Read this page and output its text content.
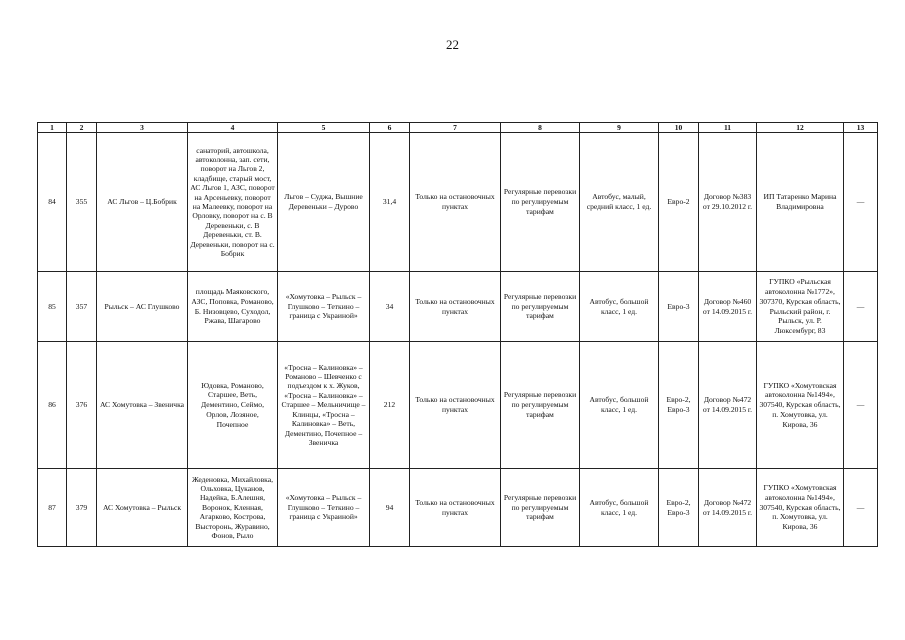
22
1	2	3	4	5	6	7	8	9	10	11	12	13
84	355	АС Льгов – Ц.Бобрик	санаторий, автошкола, автоколонна, зап. сети, поворот на Льгов 2, кладбище, старый мост, АС Льгов 1, АЗС, поворот на Арсеньевку, поворот на Малеевку, поворот на Орловку, поворот на с. В Деревеньки, с. В Деревеньки, ст. В. Деревеньки, поворот на с. Бобрик	Льгов – Суджа, Вышние Деревеньки – Дурово	31,4	Только на остановочных пунктах	Регулярные перевозки по регулируемым тарифам	Автобус, малый, средний класс, 1 ед.	Евро-2	Договор №383 от 29.10.2012 г.	ИП Татаренко Марина Владимировна	—
85	357	Рыльск – АС Глушково	площадь Маяковского, АЗС, Поповка, Романово, Б. Низовцево, Суходол, Ржава, Шагарово	«Хомутовка – Рыльск – Глушково – Теткино – граница с Украиной»	34	Только на остановочных пунктах	Регулярные перевозки по регулируемым тарифам	Автобус, большой класс, 1 ед.	Евро-3	Договор №460 от 14.09.2015 г.	ГУПКО «Рыльская автоколонна №1772», 307370, Курская область, Рыльский район, г. Рыльск, ул. Р. Люксембург, 83	—
86	376	АС Хомутовка – Звеничка	Юдовка, Романово, Старшее, Веть, Дементино, Сеймо, Орлов, Лозяное, Почепное	«Тросна – Калиновка» – Романово – Шевченко с подъездом к х. Жуков, «Тросна – Калиновка» – Старшее – Мельничище – Клинцы, «Тросна – Калиновка» – Веть, Дементино, Почепное – Звеничка	212	Только на остановочных пунктах	Регулярные перевозки по регулируемым тарифам	Автобус, большой класс, 1 ед.	Евро-2, Евро-3	Договор №472 от 14.09.2015 г.	ГУПКО «Хомутовская автоколонна №1494», 307540, Курская область, п. Хомутовка, ул. Кирова, 36	—
87	379	АС Хомутовка – Рыльск	Жеденовка, Михайловка, Ольховка, Цуканов, Надейка, Б.Алешня, Воронок, Кленная, Агарково, Кострова, Высторонь, Журавино, Фонов, Рыло	«Хомутовка – Рыльск – Глушково – Теткино – граница с Украиной»	94	Только на остановочных пунктах	Регулярные перевозки по регулируемым тарифам	Автобус, большой класс, 1 ед.	Евро-2, Евро-3	Договор №472 от 14.09.2015 г.	ГУПКО «Хомутовская автоколонна №1494», 307540, Курская область, п. Хомутовка, ул. Кирова, 36	—
